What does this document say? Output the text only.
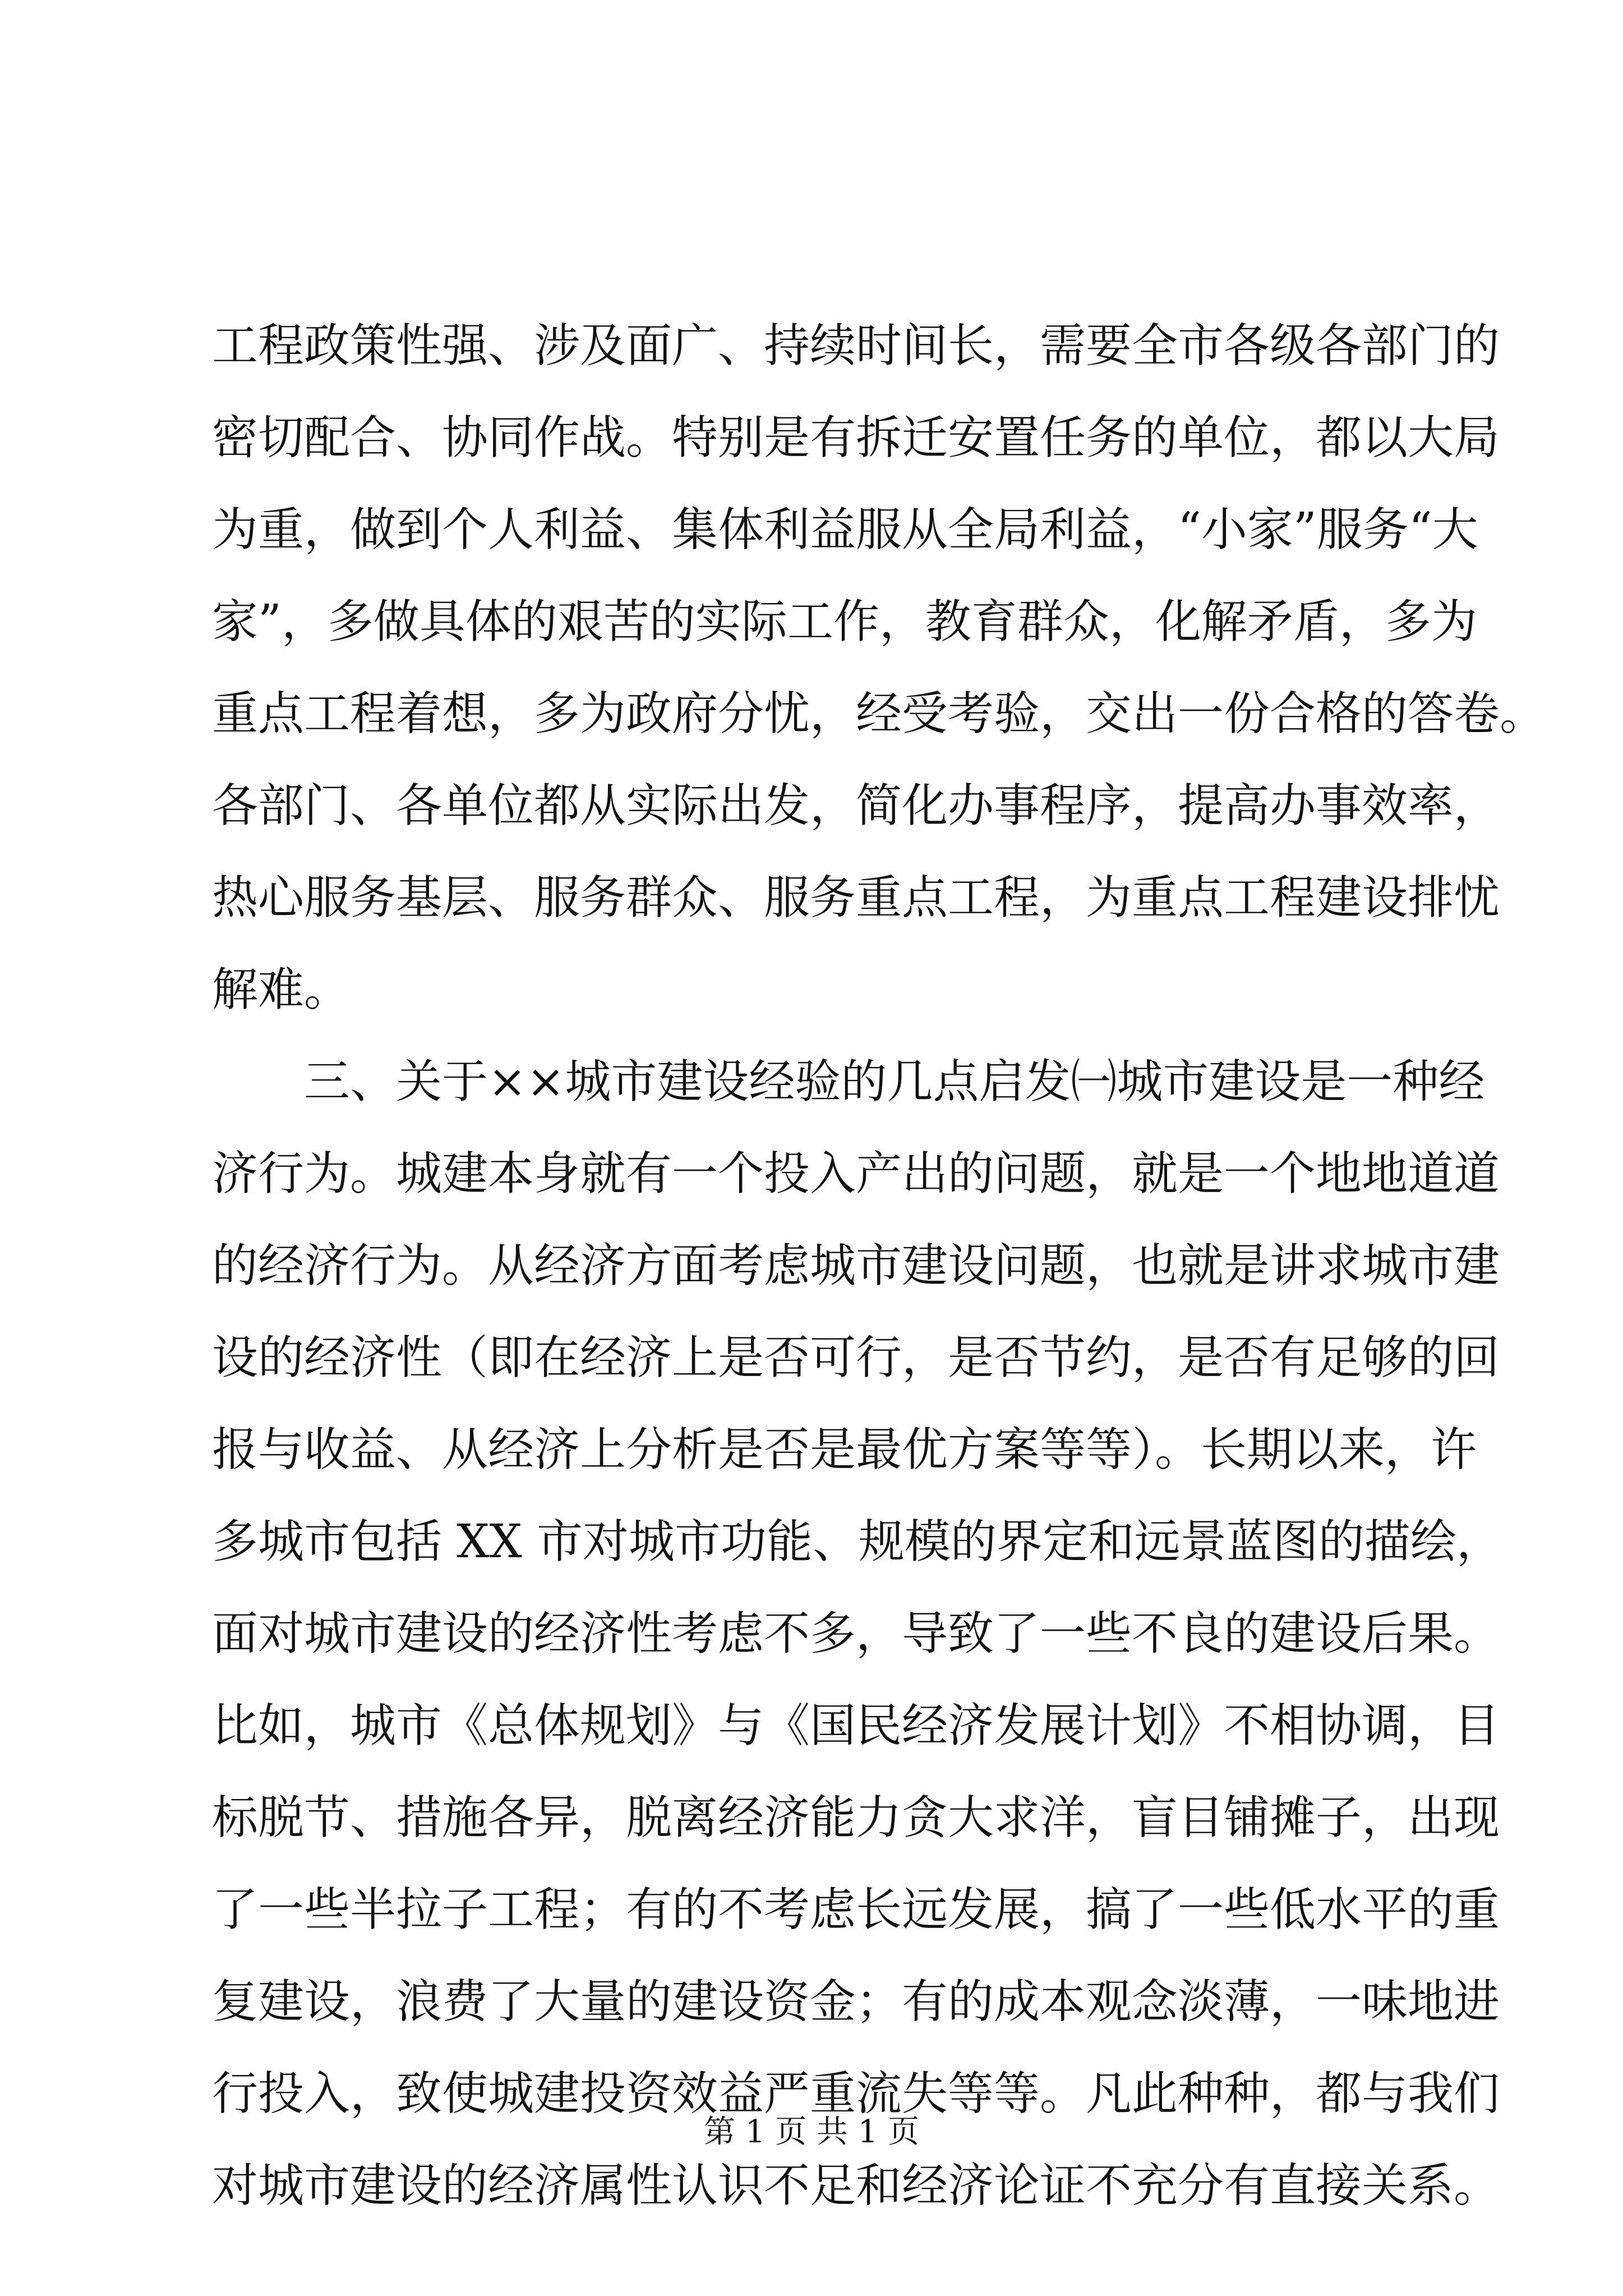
工程政策性强、涉及面广、持续时间长，需要全市各级各部门的
密切配合、协同作战。特别是有拆迁安置任务的单位，都以大局
为重，做到个人利益、集体利益服从全局利益，“小家”服务“大
家”，多做具体的艰苦的实际工作，教育群众，化解矛盾，多为
重点工程着想，多为政府分忧，经受考验，交出一份合格的答卷。
各部门、各单位都从实际出发，简化办事程序，提高办事效率，
热心服务基层、服务群众、服务重点工程，为重点工程建设排忧
解难。
三、关于××城市建设经验的几点启发㈠城市建设是一种经
济行为。城建本身就有一个投入产出的问题，就是一个地地道道
的经济行为。从经济方面考虑城市建设问题，也就是讲求城市建
设的经济性（即在经济上是否可行，是否节约，是否有足够的回
报与收益、从经济上分析是否是最优方案等等）。长期以来，许
多城市包括 XX 市对城市功能、规模的界定和远景蓝图的描绘，
面对城市建设的经济性考虑不多，导致了一些不良的建设后果。
比如，城市《总体规划》与《国民经济发展计划》不相协调，目
标脱节、措施各异，脱离经济能力贪大求洋，盲目铺摊子，出现
了一些半拉子工程；有的不考虑长远发展，搞了一些低水平的重
复建设，浪费了大量的建设资金；有的成本观念淡薄，一味地进
行投入，致使城建投资效益严重流失等等。凡此种种，都与我们
对城市建设的经济属性认识不足和经济论证不充分有直接关系。
第 1 页 共 1 页
